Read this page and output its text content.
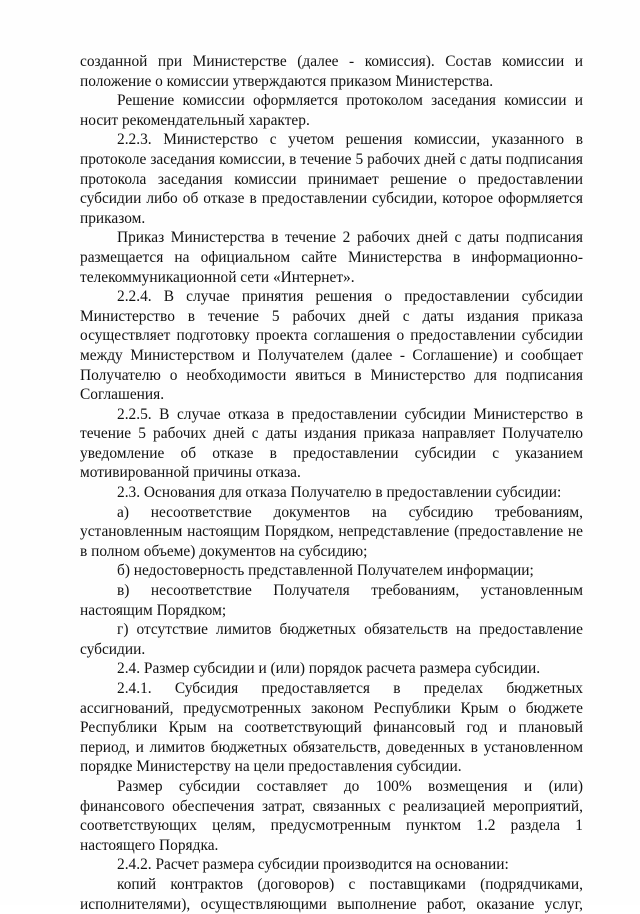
созданной при Министерстве (далее - комиссия). Состав комиссии и положение о комиссии утверждаются приказом Министерства.

Решение комиссии оформляется протоколом заседания комиссии и носит рекомендательный характер.

2.2.3. Министерство с учетом решения комиссии, указанного в протоколе заседания комиссии, в течение 5 рабочих дней с даты подписания протокола заседания комиссии принимает решение о предоставлении субсидии либо об отказе в предоставлении субсидии, которое оформляется приказом.

Приказ Министерства в течение 2 рабочих дней с даты подписания размещается на официальном сайте Министерства в информационно-телекоммуникационной сети «Интернет».

2.2.4. В случае принятия решения о предоставлении субсидии Министерство в течение 5 рабочих дней с даты издания приказа осуществляет подготовку проекта соглашения о предоставлении субсидии между Министерством и Получателем (далее - Соглашение) и сообщает Получателю о необходимости явиться в Министерство для подписания Соглашения.

2.2.5. В случае отказа в предоставлении субсидии Министерство в течение 5 рабочих дней с даты издания приказа направляет Получателю уведомление об отказе в предоставлении субсидии с указанием мотивированной причины отказа.

2.3. Основания для отказа Получателю в предоставлении субсидии:

а) несоответствие документов на субсидию требованиям, установленным настоящим Порядком, непредставление (предоставление не в полном объеме) документов на субсидию;

б) недостоверность представленной Получателем информации;

в) несоответствие Получателя требованиям, установленным настоящим Порядком;

г) отсутствие лимитов бюджетных обязательств на предоставление субсидии.

2.4. Размер субсидии и (или) порядок расчета размера субсидии.

2.4.1. Субсидия предоставляется в пределах бюджетных ассигнований, предусмотренных законом Республики Крым о бюджете Республики Крым на соответствующий финансовый год и плановый период, и лимитов бюджетных обязательств, доведенных в установленном порядке Министерству на цели предоставления субсидии.

Размер субсидии составляет до 100% возмещения и (или) финансового обеспечения затрат, связанных с реализацией мероприятий, соответствующих целям, предусмотренным пунктом 1.2 раздела 1 настоящего Порядка.

2.4.2. Расчет размера субсидии производится на основании:

копий контрактов (договоров) с поставщиками (подрядчиками, исполнителями), осуществляющими выполнение работ, оказание услуг,
